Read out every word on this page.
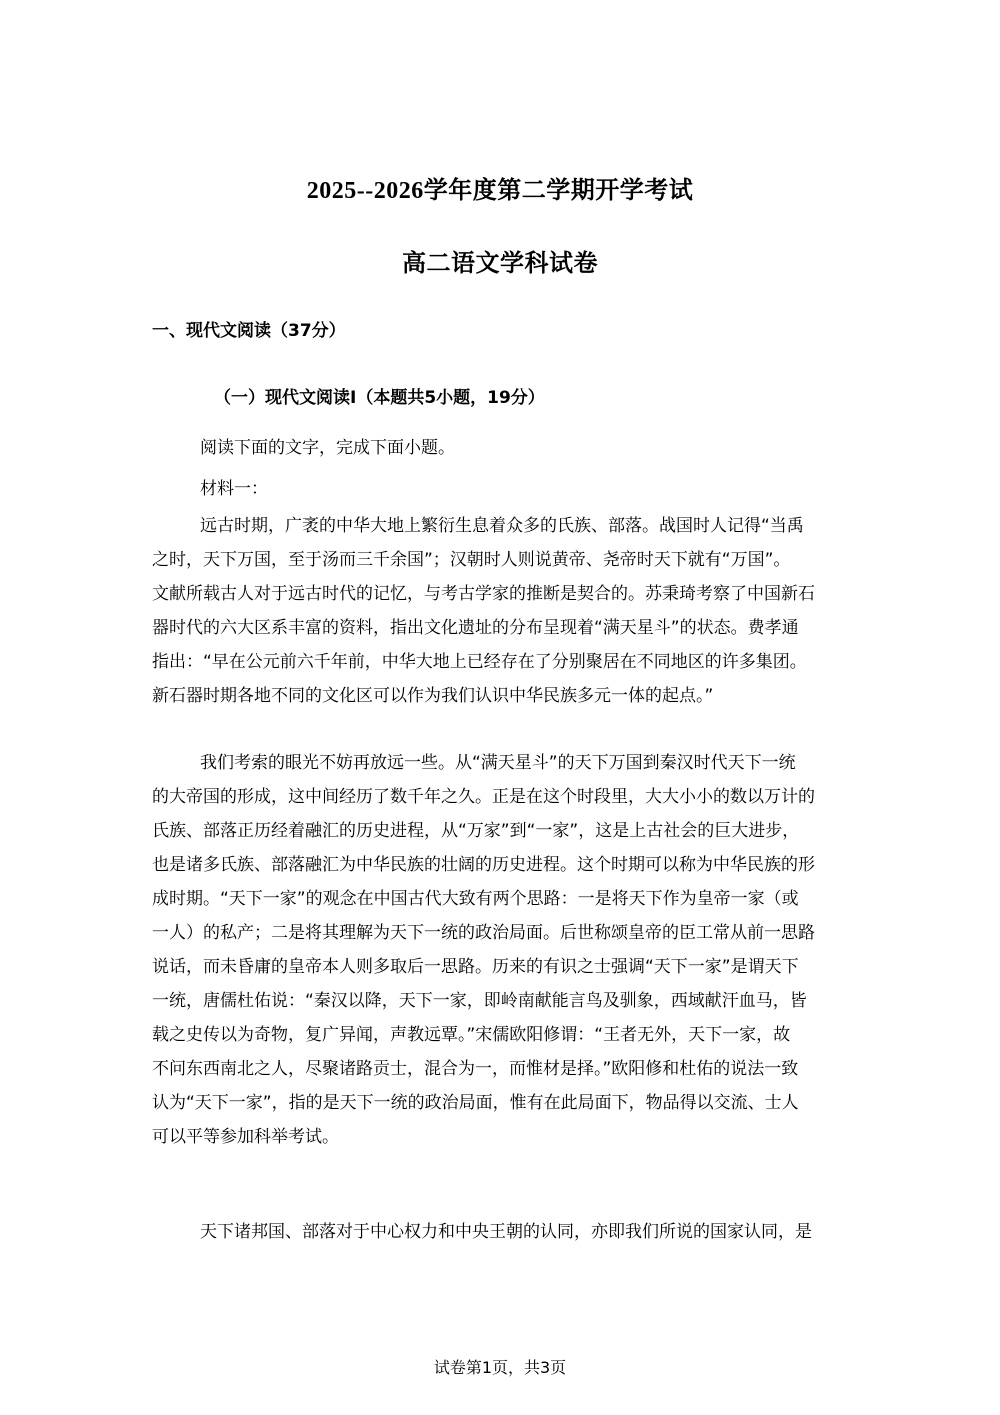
2025--2026学年度第二学期开学考试
高二语文学科试卷
一、现代文阅读（37分）
（一）现代文阅读I（本题共5小题，19分）
阅读下面的文字，完成下面小题。
材料一：
远古时期，广袤的中华大地上繁衍生息着众多的氏族、部落。战国时人记得“当禹
之时，天下万国，至于汤而三千余国”；汉朝时人则说黄帝、尧帝时天下就有“万国”。
文献所载古人对于远古时代的记忆，与考古学家的推断是契合的。苏秉琦考察了中国新石
器时代的六大区系丰富的资料，指出文化遗址的分布呈现着“满天星斗”的状态。费孝通
指出：“早在公元前六千年前，中华大地上已经存在了分别聚居在不同地区的许多集团。
新石器时期各地不同的文化区可以作为我们认识中华民族多元一体的起点。”
我们考索的眼光不妨再放远一些。从“满天星斗”的天下万国到秦汉时代天下一统
的大帝国的形成，这中间经历了数千年之久。正是在这个时段里，大大小小的数以万计的
氏族、部落正历经着融汇的历史进程，从“万家”到“一家”，这是上古社会的巨大进步，
也是诸多氏族、部落融汇为中华民族的壮阔的历史进程。这个时期可以称为中华民族的形
成时期。“天下一家”的观念在中国古代大致有两个思路：一是将天下作为皇帝一家（或
一人）的私产；二是将其理解为天下一统的政治局面。后世称颂皇帝的臣工常从前一思路
说话，而未昏庸的皇帝本人则多取后一思路。历来的有识之士强调“天下一家”是谓天下
一统，唐儒杜佑说：“秦汉以降，天下一家，即岭南献能言鸟及驯象，西域献汗血马，皆
载之史传以为奇物，复广异闻，声教远覃。”宋儒欧阳修谓：“王者无外，天下一家，故
不问东西南北之人，尽聚诸路贡士，混合为一，而惟材是择。”欧阳修和杜佑的说法一致
认为“天下一家”，指的是天下一统的政治局面，惟有在此局面下，物品得以交流、士人
可以平等参加科举考试。
天下诸邦国、部落对于中心权力和中央王朝的认同，亦即我们所说的国家认同，是
试卷第1页，共3页
